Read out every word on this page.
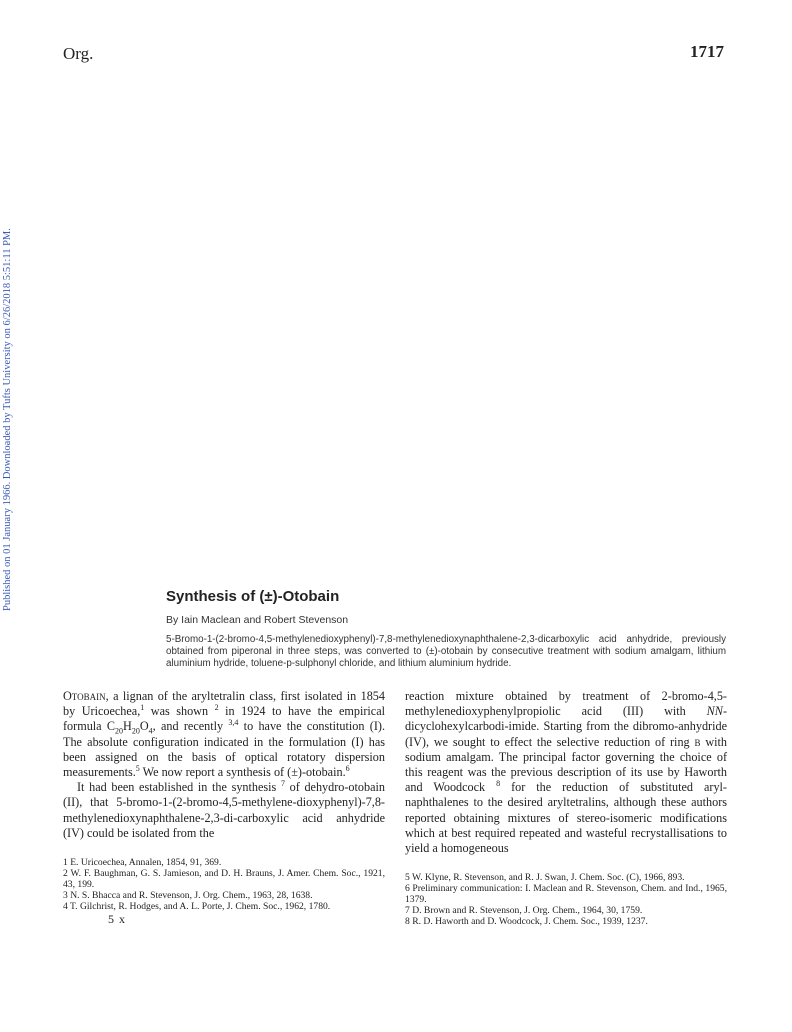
Org.	1717
Published on 01 January 1966. Downloaded by Tufts University on 6/26/2018 5:51:11 PM.	Synthesis of (±)-Otobain
By Iain Maclean and Robert Stevenson
5-Bromo-1-(2-bromo-4,5-methylenedioxyphenyl)-7,8-methylenedioxynaphthalene-2,3-dicarboxylic acid anhydride, previously obtained from piperonal in three steps, was converted to (±)-otobain by consecutive treatment with sodium amalgam, lithium aluminium hydride, toluene-p-sulphonyl chloride, and lithium aluminium hydride.

Otobain, a lignan of the aryltetralin class, first isolated in 1854 by Uricoechea,$^1$ was shown $^2$ in 1924 to have the empirical formula $C_{20}H_{20}O_4$, and recently $^{3,4}$ to have the constitution (I). The absolute configuration indicated in the formulation (I) has been assigned on the basis of optical rotatory dispersion measurements.$^5$ We now report a synthesis of (±)-otobain.$^6$

It had been established in the synthesis $^7$ of dehydro-otobain (II), that 5-bromo-1-(2-bromo-4,5-methylene-dioxyphenyl)-7,8-methylenedioxynaphthalene-2,3-di-carboxylic acid anhydride (IV) could be isolated from the

reaction mixture obtained by treatment of 2-bromo-4,5-methylenedioxyphenylpropiolic acid (III) with NN-dicyclohexylcarbodi-imide. Starting from the dibromo-anhydride (IV), we sought to effect the selective reduction of ring b with sodium amalgam. The principal factor governing the choice of this reagent was the previous description of its use by Haworth and Woodcock $^8$ for the reduction of substituted aryl-naphthalenes to the desired aryltetralins, although these authors reported obtaining mixtures of stereo-isomeric modifications which at best required repeated and wasteful recrystallisations to yield a homogeneous

1 E. Uricoechea, Annalen, 1854, 91, 369.

2 W. F. Baughman, G. S. Jamieson, and D. H. Brauns, J. Amer. Chem. Soc., 1921, 43, 199.

3 N. S. Bhacca and R. Stevenson, J. Org. Chem., 1963, 28, 1638.

4 T. Gilchrist, R. Hodges, and A. L. Porte, J. Chem. Soc., 1962, 1780.

5 W. Klyne, R. Stevenson, and R. J. Swan, J. Chem. Soc. (C), 1966, 893.

6 Preliminary communication: I. Maclean and R. Stevenson, Chem. and Ind., 1965, 1379.

7 D. Brown and R. Stevenson, J. Org. Chem., 1964, 30, 1759.

8 R. D. Haworth and D. Woodcock, J. Chem. Soc., 1939, 1237.

5 x
